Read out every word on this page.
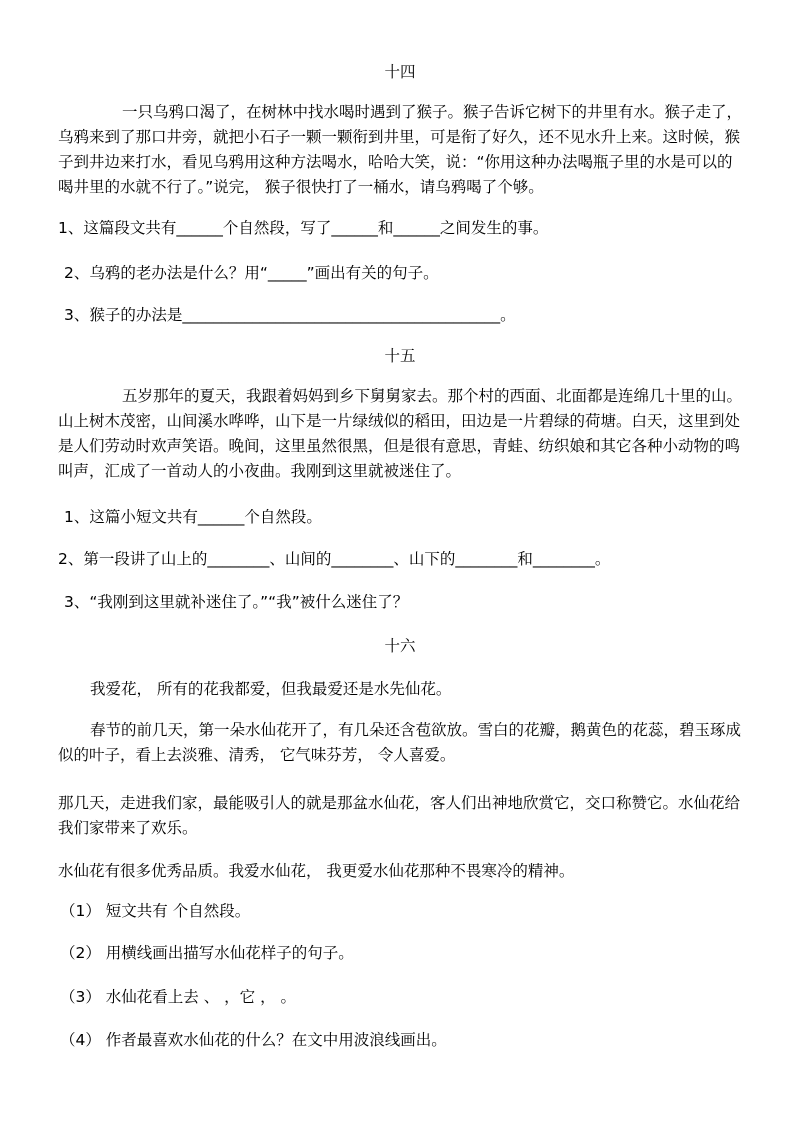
十四

一只乌鸦口渴了，在树林中找水喝时遇到了猴子。猴子告诉它树下的井里有水。猴子走了，

乌鸦来到了那口井旁，就把小石子一颗一颗衔到井里，可是衔了好久，还不见水升上来。这时候，猴

子到井边来打水，看见乌鸦用这种方法喝水，哈哈大笑，说：“你用这种办法喝瓶子里的水是可以的

喝井里的水就不行了。”说完， 猴子很快打了一桶水，请乌鸦喝了个够。

1、这篇段文共有______个自然段，写了______和______之间发生的事。

2、乌鸦的老办法是什么？用“_____”画出有关的句子。

3、猴子的办法是_________________________________________。

十五

五岁那年的夏天，我跟着妈妈到乡下舅舅家去。那个村的西面、北面都是连绵几十里的山。

山上树木茂密，山间溪水哗哗，山下是一片绿绒似的稻田，田边是一片碧绿的荷塘。白天，这里到处

是人们劳动时欢声笑语。晚间，这里虽然很黑，但是很有意思，青蛙、纺织娘和其它各种小动物的鸣

叫声，汇成了一首动人的小夜曲。我刚到这里就被迷住了。

1、这篇小短文共有______个自然段。

2、第一段讲了山上的________、山间的________、山下的________和________。

3、“我刚到这里就补迷住了。”“我”被什么迷住了？

十六

我爱花， 所有的花我都爱，但我最爱还是水先仙花。

春节的前几天，第一朵水仙花开了，有几朵还含苞欲放。雪白的花瓣，鹅黄色的花蕊，碧玉琢成

似的叶子，看上去淡雅、清秀， 它气味芬芳， 令人喜爱。

那几天，走进我们家，最能吸引人的就是那盆水仙花，客人们出神地欣赏它，交口称赞它。水仙花给

我们家带来了欢乐。

水仙花有很多优秀品质。我爱水仙花， 我更爱水仙花那种不畏寒冷的精神。

（1） 短文共有 个自然段。

（2） 用横线画出描写水仙花样子的句子。

（3） 水仙花看上去 、 ，它 ， 。

（4） 作者最喜欢水仙花的什么？在文中用波浪线画出。
